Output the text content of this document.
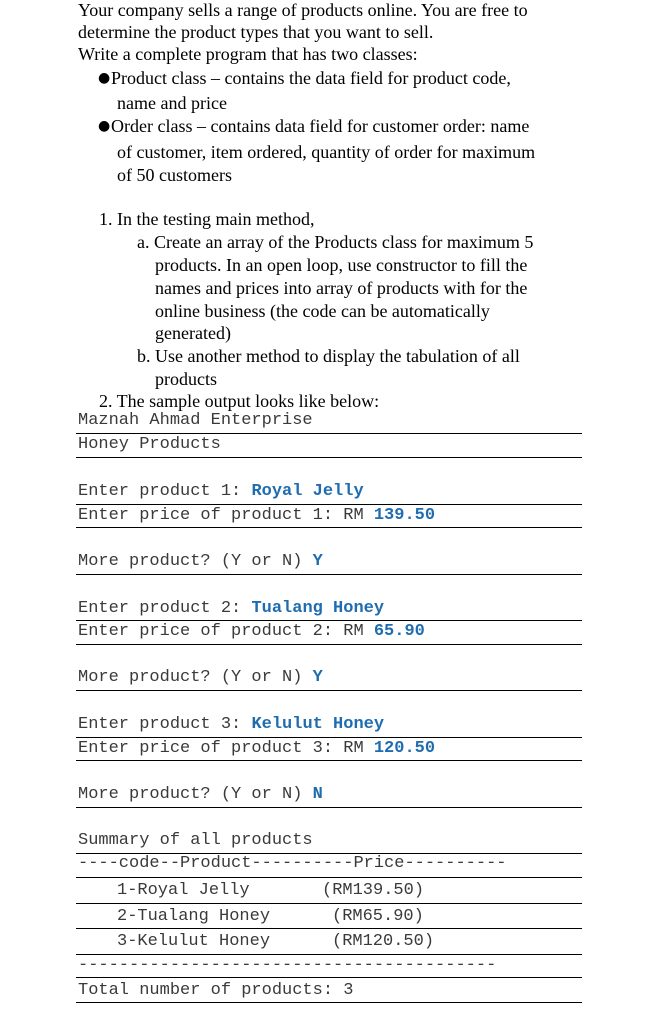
Your company sells a range of products online. You are free to
determine the product types that you want to sell.
Write a complete program that has two classes:
● Product class – contains the data field for product code,
name and price
● Order class – contains data field for customer order: name
of customer, item ordered, quantity of order for maximum
of 50 customers
1. In the testing main method,
a. Create an array of the Products class for maximum 5
products. In an open loop, use constructor to fill the
names and prices into array of products with for the
online business (the code can be automatically
generated)
b. Use another method to display the tabulation of all
products
2. The sample output looks like below:
Maznah Ahmad Enterprise
Honey Products
Enter product 1: Royal Jelly
Enter price of product 1: RM 139.50
More product? (Y or N) Y
Enter product 2: Tualang Honey
Enter price of product 2: RM 65.90
More product? (Y or N) Y
Enter product 3: Kelulut Honey
Enter price of product 3: RM 120.50
More product? (Y or N) N
Summary of all products
----code--Product----------Price----------
1-Royal Jelly	(RM139.50)
2-Tualang Honey	(RM65.90)
3-Kelulut Honey	(RM120.50)
-----------------------------------------
Total number of products: 3
